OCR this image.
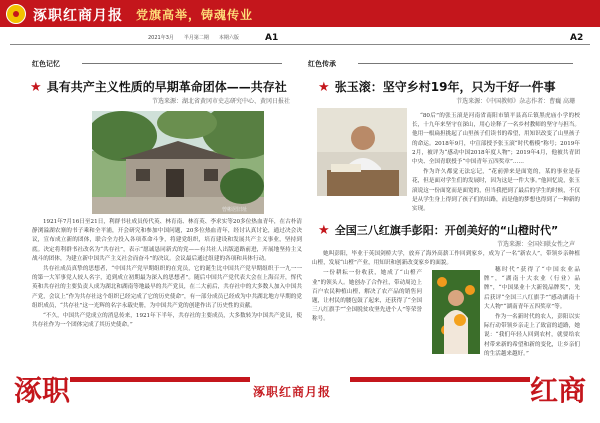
涿职红商月报 党旗高举，铸魂传业
2021年3月　　半月第二期　　本期六版	A1	A2
红色记忆
★ 具有共产主义性质的早期革命团体——共存社
节选来源：湖北省黄冈市史志研究中心、黄冈日报社
曾彬居旧址

1921年7月16日至21日，利群书社成员传代英、林育南、林育英、李求实等20多位热血青年，在古朴清静浏溢湖农寨的书子乘和全平浦，开会研究和参加中国问题，20多位热血青年，经讨认真讨论，通过决会决议，宣布成立新的团体，联合全力投入各项革命斗争，将建党组织，培育建设和发展共产主义事业，坚持到底。决定将利群书社改名为“共存社”，表示“愿诚恳同新式的党——有共社人出版道路前进，开展地坚持主义战斗的团体，为建立新中国共产主义社会而奋斗”的决议。会议最后通过组建的各项和具体行动。

共存社成员真挚的思想者，“中国共产党早期组织的在党员，它的诞生比中国共产党早期组织于一九一一的第一大军事党人较人名字，追到成立初期最为深入的思想者”。随后中国共产党代表大会在上海召开，恽代英和共存社的主要负责人成为湖北和湖南等地最早的共产党员，在二大前后，共存社中的大多数人加入中国共产党，会议上“作为共存社这个组织已经完成了它的历史使命”，有一部分成员已经成为中共湖北地方早期的党组织成员，“共存社”这一光辉的名字永载史册，为中国共产党的创建作出了历史性的贡献。

“不久，中国共产党成立的消息传来，1921年下半年，共存社的主要成员，大多数转为中国共产党员，使共存社作为一个团体完成了其历史使命。”

红色传承
★ 张玉滚：坚守乡村19年，只为干好一件事
节选来源：《中国教师》杂志作者：曹巍 高珊

“80后”的张玉滚是河南省南阳市镇平县高丘镇黑虎庙小学的校长，十九年来坚守在深山，用心诠释了一名乡村教师的坚守与担当。他用一根扁担挑起了山里孩子们读书的希望，用知识改变了山里孩子的命运。2018年9月，中宣部授予张玉滚“时代楷模”称号；2019年2月，被评为“感动中国2018年度人物”；2019年4月，他被共青团中央、全国青联授予“中国青年五四奖章”……

作为许久都觉无法忘记，“花前弹来是面宽的，某的事业是春花，但是面对学生们的发展时，因为这是一件大事。”他回忆说，张玉滚说这一份面宽而是面宽的，但当我把到了最后的学生的时候，不仅是从学生身上得到了孩子们的出路，而是他的梦想也得到了一种新的实现。

★ 全国三八红旗手彭阳：开创美好的“山橙时代”
节选来源：全国妇联女性之声

她叫彭阳，毕业于英国剑桥大学，放弃了海外高薪工作回到家乡，成为了一名“新农人”，带领乡亲种植山橙，发展“山橙”产业，用知识和创新改变家乡的面貌。

一份耕耘一份收获，她成了“山橙产业”的领头人。她创办了合作社，带动周边上百户农民种植山橙，解决了农产品的销售问题，让村民的腰包鼓了起来，还获得了“全国三八红旗手”“全国脱贫攻坚先进个人”等荣誉称号。

穗时代”获得了“中国农业品牌”，“湖南十大农业（行业）品牌”，“中国果业十大新锐品牌奖”，先后获评“全国三八红旗手”“感动湖南十大人物”“湖南青年五四奖章”等。

作为一名新时代的农人，彭阳以实际行动带领乡亲走上了致富的道路，她说：“我们年轻人回到农村，就要给农村带来新的希望和新的变化，让乡亲们的生活越来越好。”

涿职红商月报
涿职	红商
